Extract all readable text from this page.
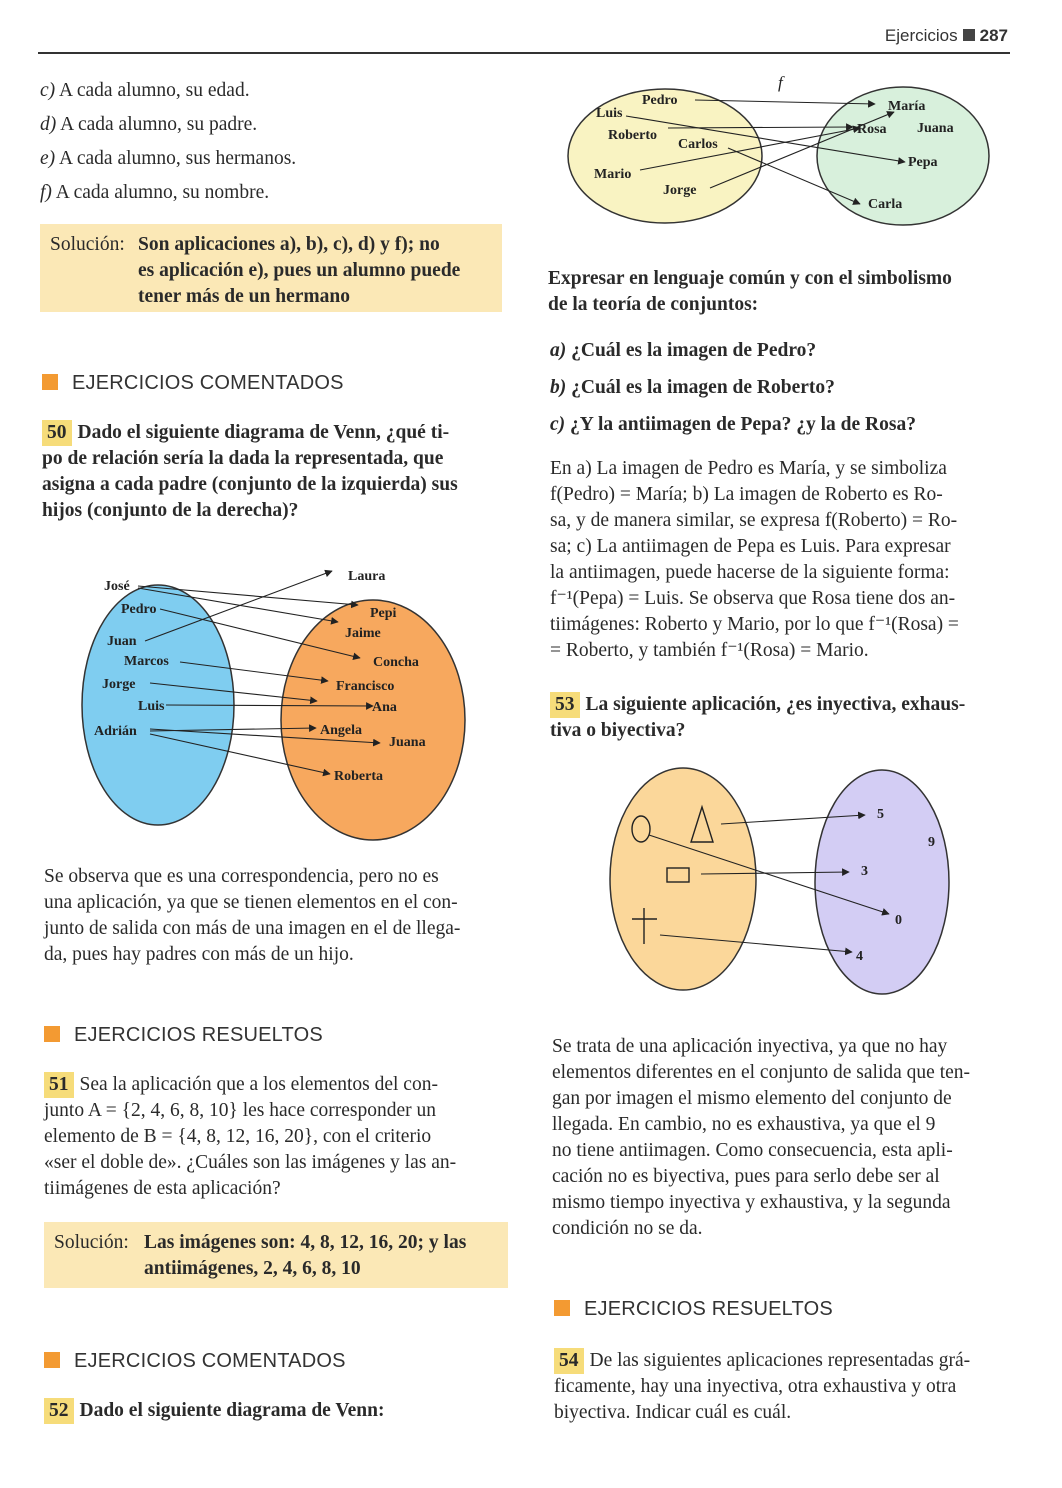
Ejercicios 287
c) A cada alumno, su edad.
d) A cada alumno, su padre.
e) A cada alumno, sus hermanos.
f) A cada alumno, su nombre.
Solución: Son aplicaciones a), b), c), d) y f); no
es aplicación e), pues un alumno puede
tener más de un hermano
EJERCICIOS COMENTADOS
50 Dado el siguiente diagrama de Venn, ¿qué ti-
po de relación sería la dada la representada, que
asigna a cada padre (conjunto de la izquierda) sus
hijos (conjunto de la derecha)?
José
Pedro
Juan
Marcos
Jorge
Luis
Adrián
Laura
Pepi
Jaime
Concha
Francisco
Ana
Angela
Juana
Roberta
Se observa que es una correspondencia, pero no es
una aplicación, ya que se tienen elementos en el con-
junto de salida con más de una imagen en el de llega-
da, pues hay padres con más de un hijo.
EJERCICIOS RESUELTOS
51 Sea la aplicación que a los elementos del con-
junto A = {2, 4, 6, 8, 10} les hace corresponder un
elemento de B = {4, 8, 12, 16, 20}, con el criterio
«ser el doble de». ¿Cuáles son las imágenes y las an-
tiimágenes de esta aplicación?
Solución: Las imágenes son: 4, 8, 12, 16, 20; y las
antiimágenes, 2, 4, 6, 8, 10
EJERCICIOS COMENTADOS
52 Dado el siguiente diagrama de Venn:
f
Pedro
Luis
Roberto
Carlos
Mario
Jorge
María
Rosa Juana
Pepa
Carla
Expresar en lenguaje común y con el simbolismo
de la teoría de conjuntos:
a) ¿Cuál es la imagen de Pedro?
b) ¿Cuál es la imagen de Roberto?
c) ¿Y la antiimagen de Pepa? ¿y la de Rosa?
En a) La imagen de Pedro es María, y se simboliza
f(Pedro) = María; b) La imagen de Roberto es Ro-
sa, y de manera similar, se expresa f(Roberto) = Ro-
sa; c) La antiimagen de Pepa es Luis. Para expresar
la antiimagen, puede hacerse de la siguiente forma:
f⁻¹(Pepa) = Luis. Se observa que Rosa tiene dos an-
tiimágenes: Roberto y Mario, por lo que f⁻¹(Rosa) =
= Roberto, y también f⁻¹(Rosa) = Mario.
53 La siguiente aplicación, ¿es inyectiva, exhaus-
tiva o biyectiva?
5
9
3
0
4
Se trata de una aplicación inyectiva, ya que no hay
elementos diferentes en el conjunto de salida que ten-
gan por imagen el mismo elemento del conjunto de
llegada. En cambio, no es exhaustiva, ya que el 9
no tiene antiimagen. Como consecuencia, esta apli-
cación no es biyectiva, pues para serlo debe ser al
mismo tiempo inyectiva y exhaustiva, y la segunda
condición no se da.
EJERCICIOS RESUELTOS
54 De las siguientes aplicaciones representadas grá-
ficamente, hay una inyectiva, otra exhaustiva y otra
biyectiva. Indicar cuál es cuál.
